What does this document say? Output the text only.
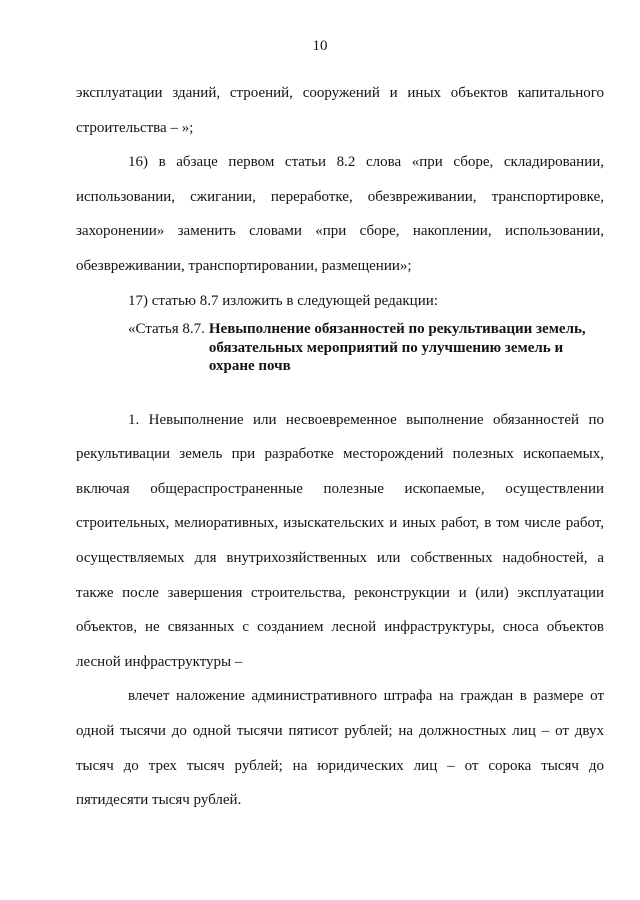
10

эксплуатации зданий, строений, сооружений и иных объектов капитального строительства – »;

16) в абзаце первом статьи 8.2 слова «при сборе, складировании, использовании, сжигании, переработке, обезвреживании, транспортировке, захоронении» заменить словами «при сборе, накоплении, использовании, обезвреживании, транспортировании, размещении»;

17) статью 8.7 изложить в следующей редакции:

«Статья 8.7. Невыполнение обязанностей по рекультивации земель, обязательных мероприятий по улучшению земель и охране почв

1. Невыполнение или несвоевременное выполнение обязанностей по рекультивации земель при разработке месторождений полезных ископаемых, включая общераспространенные полезные ископаемые, осуществлении строительных, мелиоративных, изыскательских и иных работ, в том числе работ, осуществляемых для внутрихозяйственных или собственных надобностей, а также после завершения строительства, реконструкции и (или) эксплуатации объектов, не связанных с созданием лесной инфраструктуры, сноса объектов лесной инфраструктуры –

влечет наложение административного штрафа на граждан в размере от одной тысячи до одной тысячи пятисот рублей; на должностных лиц – от двух тысяч до трех тысяч рублей; на юридических лиц – от сорока тысяч до пятидесяти тысяч рублей.
